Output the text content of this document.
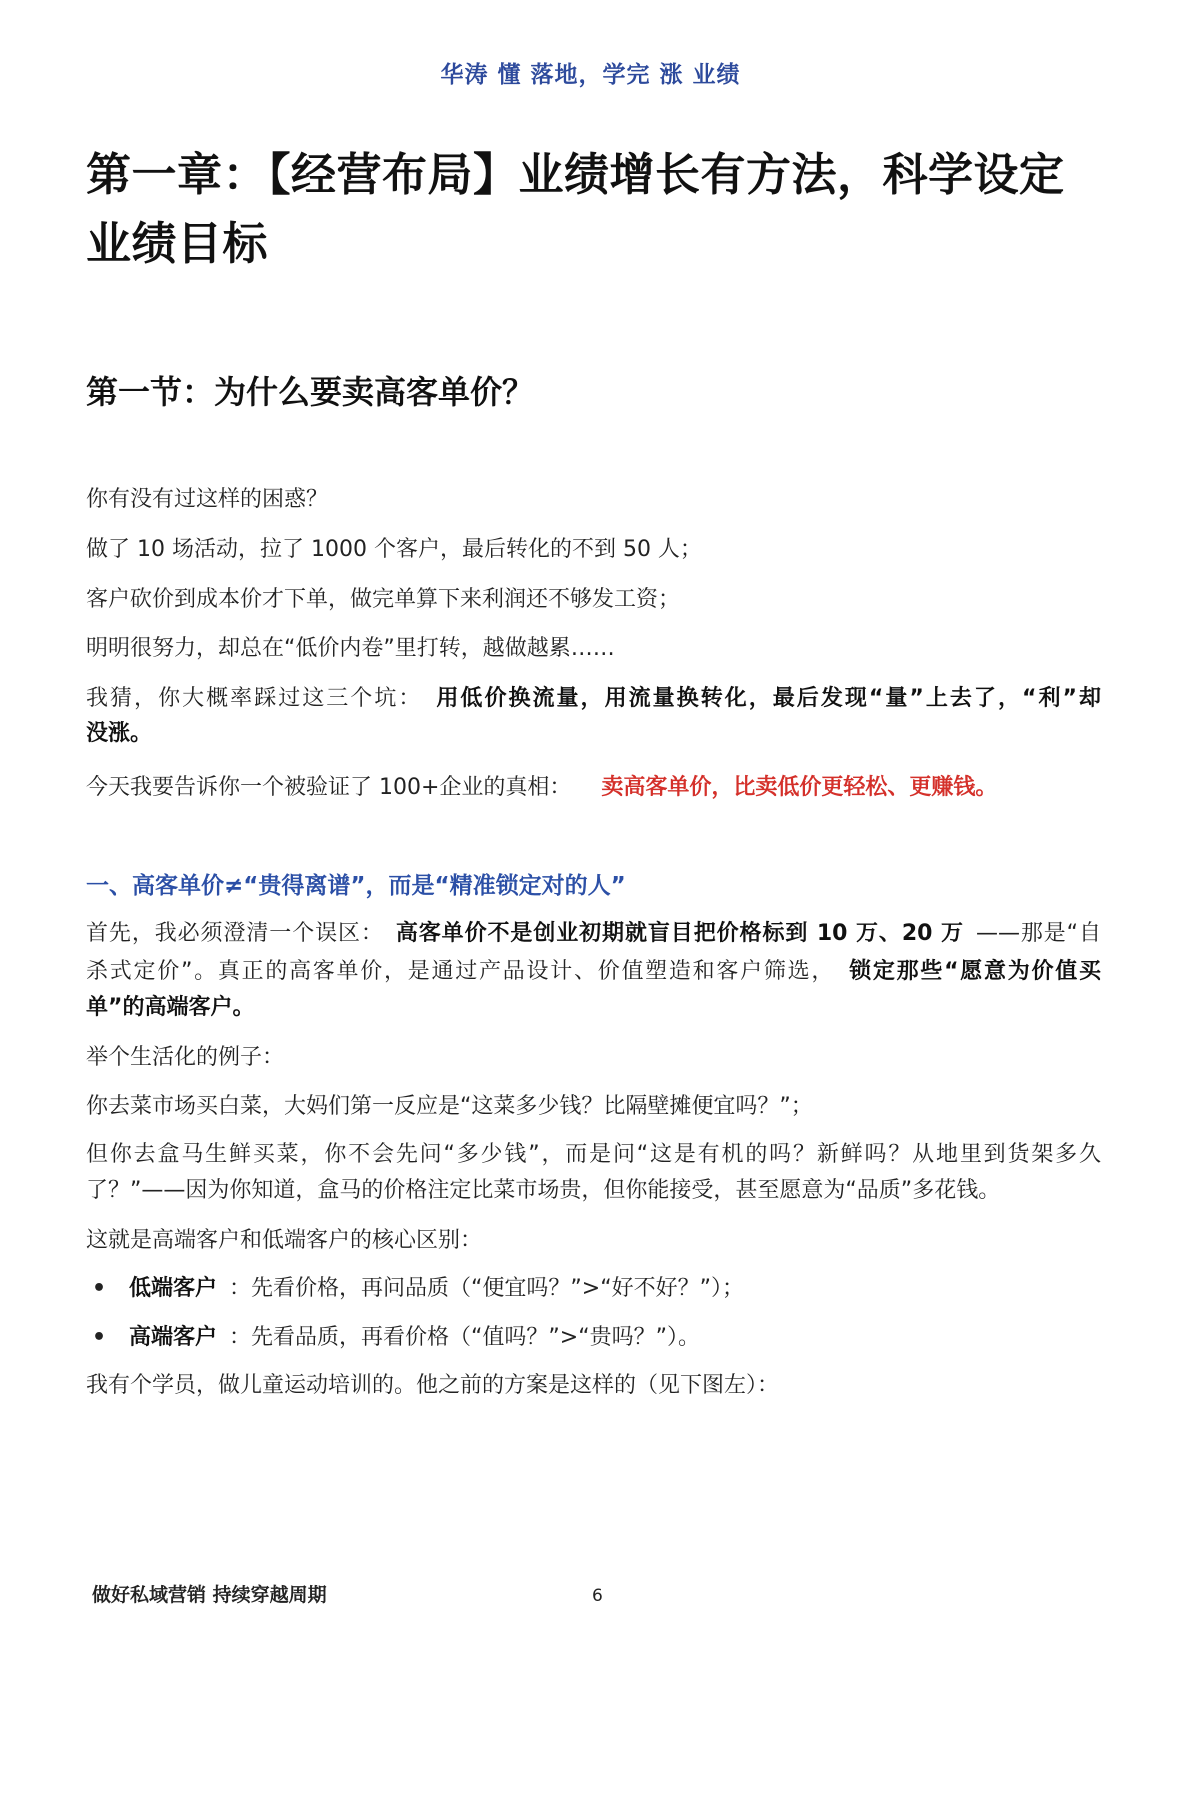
华涛 懂 落地，学完 涨 业绩
第一章：【经营布局】业绩增长有方法，科学设定
业绩目标
第一节：为什么要卖高客单价？
你有没有过这样的困惑？
做了 10 场活动，拉了 1000 个客户，最后转化的不到 50 人；
客户砍价到成本价才下单，做完单算下来利润还不够发工资；
明明很努力，却总在“低价内卷”里打转，越做越累……
我猜，你大概率踩过这三个坑： 用低价换流量，用流量换转化，最后发现“量”上去了，“利”却
没涨。
今天我要告诉你一个被验证了 100+企业的真相： 卖高客单价，比卖低价更轻松、更赚钱。
一、高客单价≠“贵得离谱”，而是“精准锁定对的人”
首先，我必须澄清一个误区： 高客单价不是创业初期就盲目把价格标到 10 万、20 万 ——那是“自
杀式定价”。真正的高客单价，是通过产品设计、价值塑造和客户筛选， 锁定那些“愿意为价值买
单”的高端客户。
举个生活化的例子：
你去菜市场买白菜，大妈们第一反应是“这菜多少钱？比隔壁摊便宜吗？”；
但你去盒马生鲜买菜，你不会先问“多少钱”，而是问“这是有机的吗？新鲜吗？从地里到货架多久
了？”——因为你知道，盒马的价格注定比菜市场贵，但你能接受，甚至愿意为“品质”多花钱。
这就是高端客户和低端客户的核心区别：
•低端客户 ：先看价格，再问品质（“便宜吗？”>“好不好？”）；
•高端客户 ：先看品质，再看价格（“值吗？”>“贵吗？”）。
我有个学员，做儿童运动培训的。他之前的方案是这样的（见下图左）：
做好私域营销 持续穿越周期	6
